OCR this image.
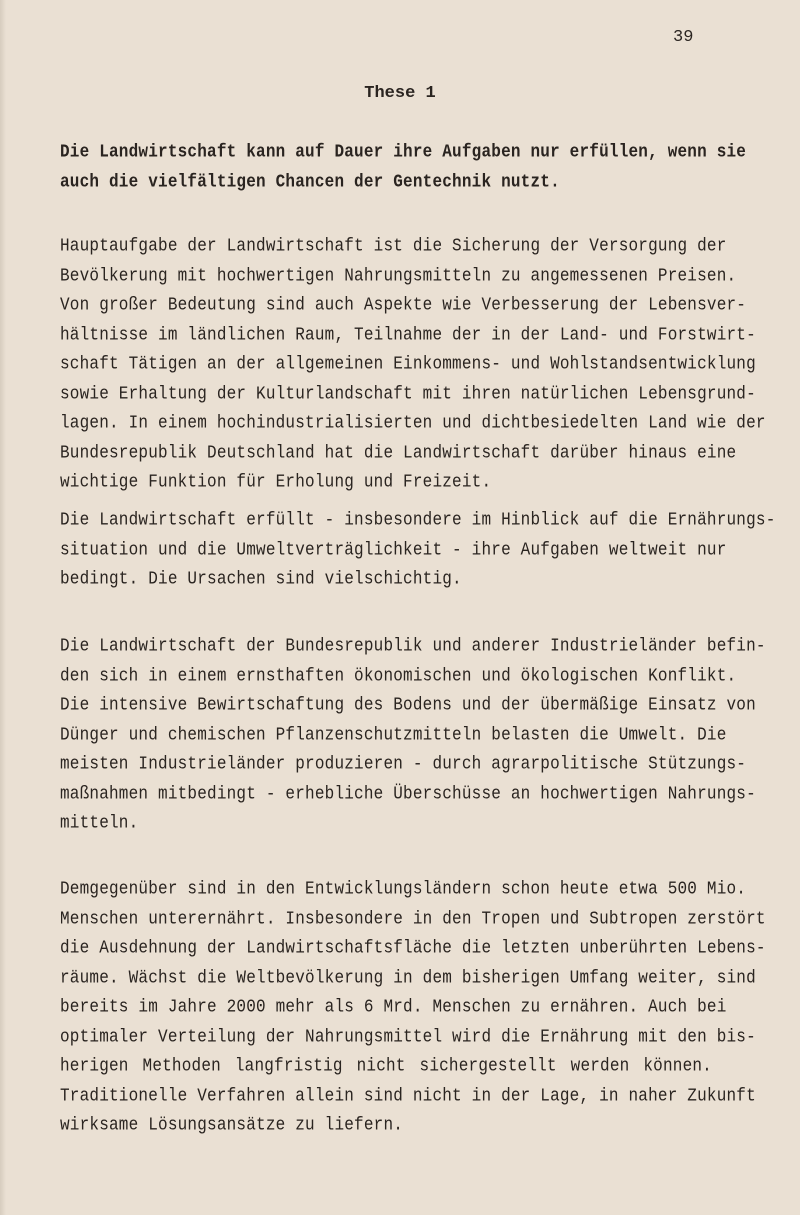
39
These 1
Die Landwirtschaft kann auf Dauer ihre Aufgaben nur erfüllen, wenn sie
auch die vielfältigen Chancen der Gentechnik nutzt.
Hauptaufgabe der Landwirtschaft ist die Sicherung der Versorgung der
Bevölkerung mit hochwertigen Nahrungsmitteln zu angemessenen Preisen.
Von großer Bedeutung sind auch Aspekte wie Verbesserung der Lebensver-
hältnisse im ländlichen Raum, Teilnahme der in der Land- und Forstwirt-
schaft Tätigen an der allgemeinen Einkommens- und Wohlstandsentwicklung
sowie Erhaltung der Kulturlandschaft mit ihren natürlichen Lebensgrund-
lagen. In einem hochindustrialisierten und dichtbesiedelten Land wie der
Bundesrepublik Deutschland hat die Landwirtschaft darüber hinaus eine
wichtige Funktion für Erholung und Freizeit.
Die Landwirtschaft erfüllt - insbesondere im Hinblick auf die Ernährungs-
situation und die Umweltverträglichkeit - ihre Aufgaben weltweit nur
bedingt. Die Ursachen sind vielschichtig.
Die Landwirtschaft der Bundesrepublik und anderer Industrieländer befin-
den sich in einem ernsthaften ökonomischen und ökologischen Konflikt.
Die intensive Bewirtschaftung des Bodens und der übermäßige Einsatz von
Dünger und chemischen Pflanzenschutzmitteln belasten die Umwelt. Die
meisten Industrieländer produzieren - durch agrarpolitische Stützungs-
maßnahmen mitbedingt - erhebliche Überschüsse an hochwertigen Nahrungs-
mitteln.
Demgegenüber sind in den Entwicklungsländern schon heute etwa 500 Mio.
Menschen unterernährt. Insbesondere in den Tropen und Subtropen zerstört
die Ausdehnung der Landwirtschaftsfläche die letzten unberührten Lebens-
räume. Wächst die Weltbevölkerung in dem bisherigen Umfang weiter, sind
bereits im Jahre 2000 mehr als 6 Mrd. Menschen zu ernähren. Auch bei
optimaler Verteilung der Nahrungsmittel wird die Ernährung mit den bis-
herigen Methoden langfristig nicht sichergestellt werden können.
Traditionelle Verfahren allein sind nicht in der Lage, in naher Zukunft
wirksame Lösungsansätze zu liefern.
